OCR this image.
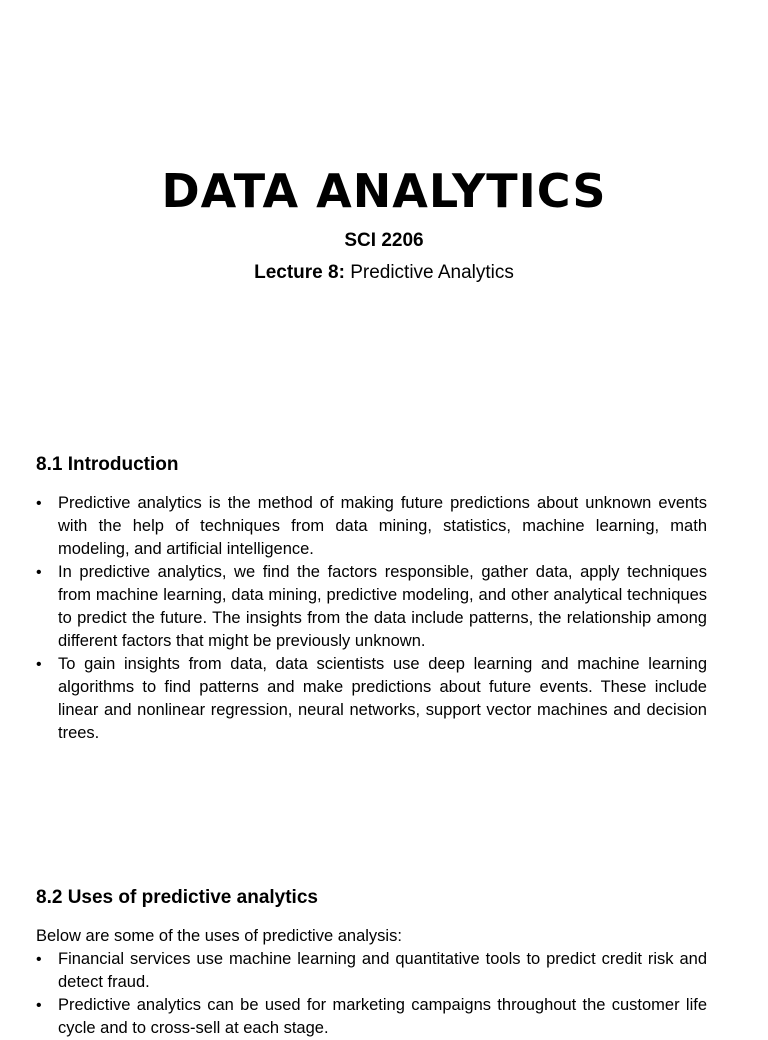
DATA ANALYTICS
SCI 2206
Lecture 8: Predictive Analytics
8.1 Introduction
• Predictive analytics is the method of making future predictions about unknown events with the help of techniques from data mining, statistics, machine learning, math modeling, and artificial intelligence.
• In predictive analytics, we find the factors responsible, gather data, apply techniques from machine learning, data mining, predictive modeling, and other analytical techniques to predict the future. The insights from the data include patterns, the relationship among different factors that might be previously unknown.
• To gain insights from data, data scientists use deep learning and machine learning algorithms to find patterns and make predictions about future events. These include linear and nonlinear regression, neural networks, support vector machines and decision trees.
8.2 Uses of predictive analytics

Below are some of the uses of predictive analysis:

• Financial services use machine learning and quantitative tools to predict credit risk and detect fraud.
• Predictive analytics can be used for marketing campaigns throughout the customer life cycle and to cross-sell at each stage.
